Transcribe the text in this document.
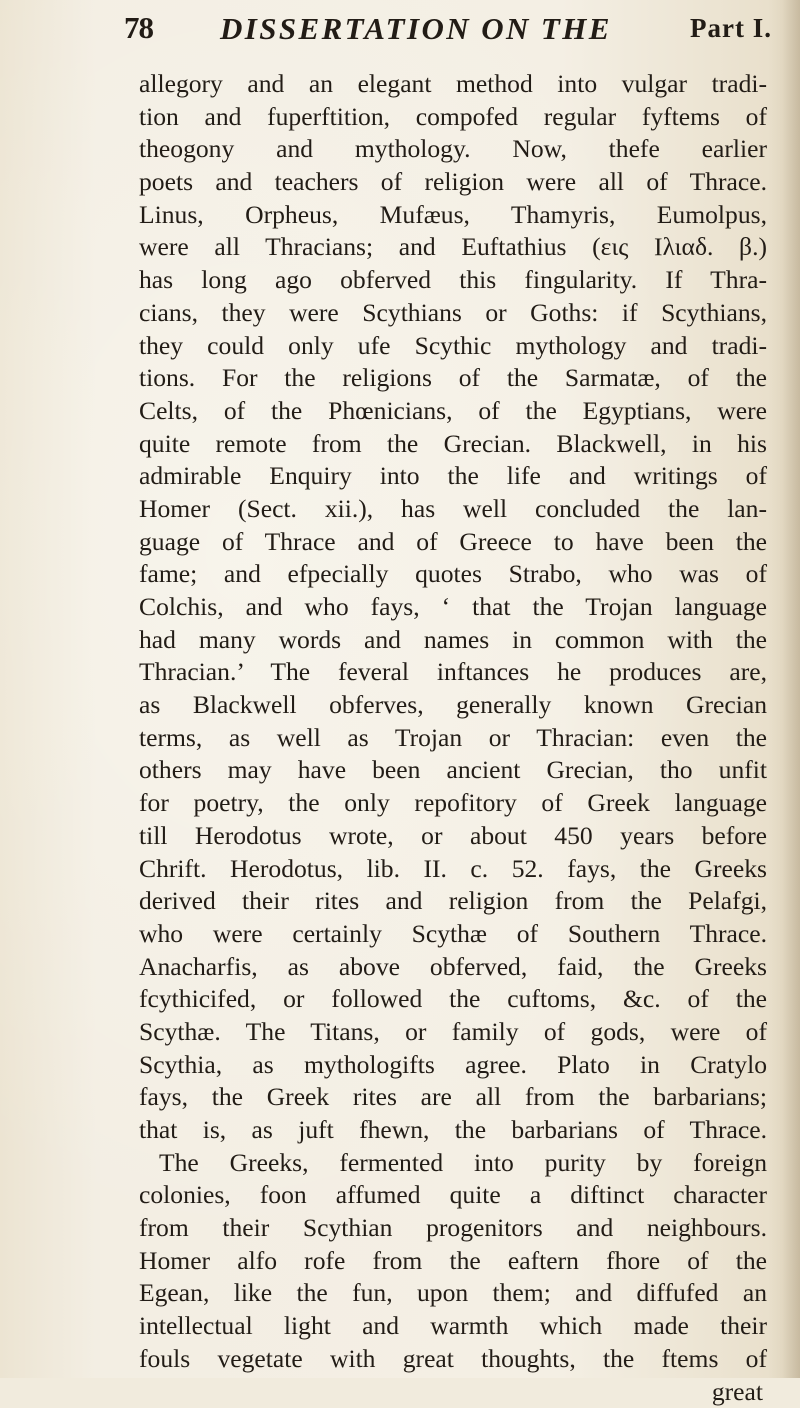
78 DISSERTATION ON THE	Part I.
allegory and an elegant method into vulgar tradi-
tion and fuperftition, compofed regular fyftems of
theogony and mythology. Now, thefe earlier
poets and teachers of religion were all of Thrace.
Linus, Orpheus, Mufæus, Thamyris, Eumolpus,
were all Thracians; and Euftathius (εις Ιλιαδ. β.)
has long ago obferved this fingularity. If Thra-
cians, they were Scythians or Goths: if Scythians,
they could only ufe Scythic mythology and tradi-
tions. For the religions of the Sarmatæ, of the
Celts, of the Phœnicians, of the Egyptians, were
quite remote from the Grecian. Blackwell, in his
admirable Enquiry into the life and writings of
Homer (Sect. xii.), has well concluded the lan-
guage of Thrace and of Greece to have been the
fame; and efpecially quotes Strabo, who was of
Colchis, and who fays, ‘ that the Trojan language
had many words and names in common with the
Thracian.’ The feveral inftances he produces are,
as Blackwell obferves, generally known Grecian
terms, as well as Trojan or Thracian: even the
others may have been ancient Grecian, tho unfit
for poetry, the only repofitory of Greek language
till Herodotus wrote, or about 450 years before
Chrift. Herodotus, lib. II. c. 52. fays, the Greeks
derived their rites and religion from the Pelafgi,
who were certainly Scythæ of Southern Thrace.
Anacharfis, as above obferved, faid, the Greeks
fcythicifed, or followed the cuftoms, &c. of the
Scythæ. The Titans, or family of gods, were of
Scythia, as mythologifts agree. Plato in Cratylo
fays, the Greek rites are all from the barbarians;
that is, as juft fhewn, the barbarians of Thrace.
The Greeks, fermented into purity by foreign
colonies, foon affumed quite a diftinct character
from their Scythian progenitors and neighbours.
Homer alfo rofe from the eaftern fhore of the
Egean, like the fun, upon them; and diffufed an
intellectual light and warmth which made their
fouls vegetate with great thoughts, the ftems of
great
